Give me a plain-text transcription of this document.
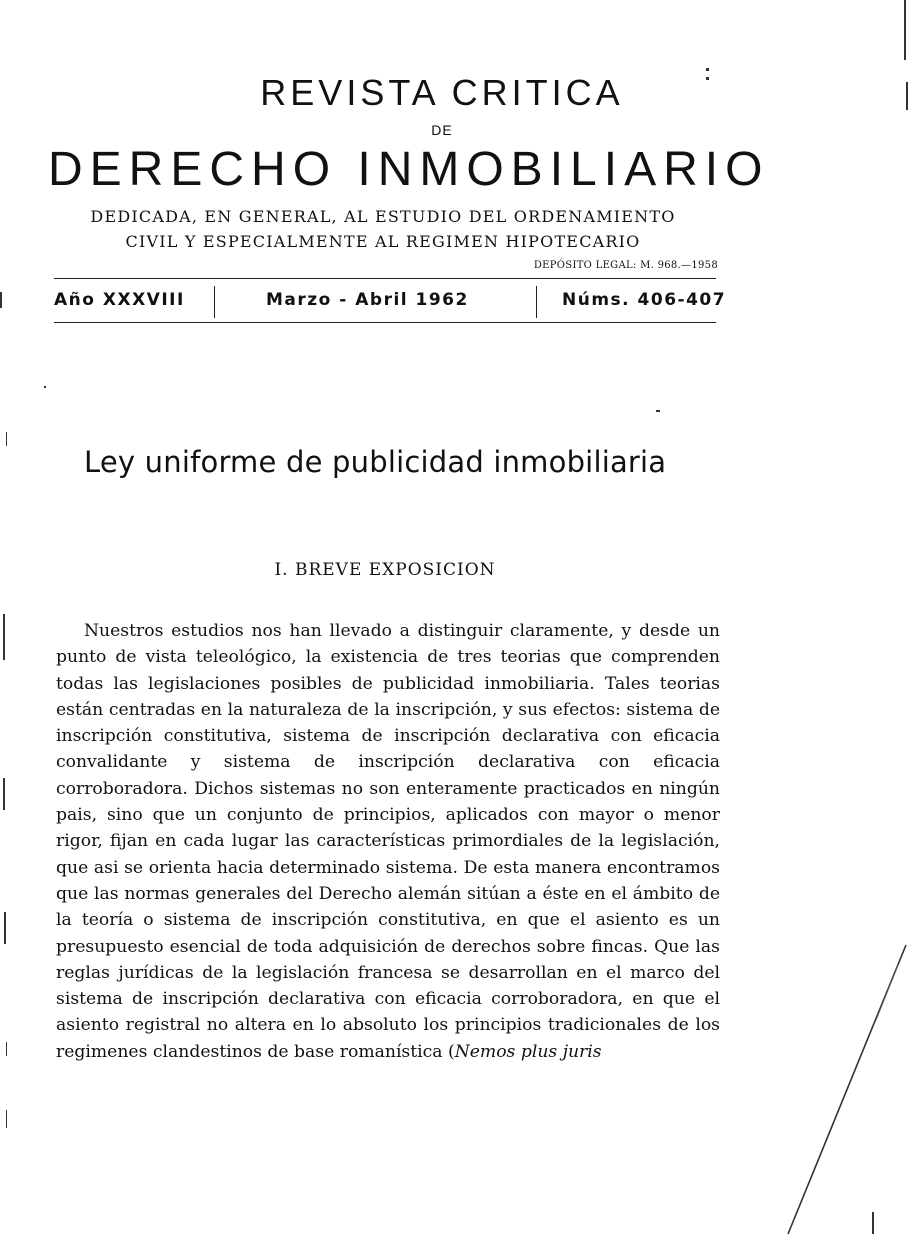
REVISTA CRITICA
DE
DERECHO INMOBILIARIO
DEDICADA, EN GENERAL, AL ESTUDIO DEL ORDENAMIENTO
CIVIL Y ESPECIALMENTE AL REGIMEN HIPOTECARIO
DEPÓSITO LEGAL: M. 968.—1958
Año XXXVIII	Marzo - Abril 1962	Núms. 406-407
Ley uniforme de publicidad inmobiliaria
I. BREVE EXPOSICION

Nuestros estudios nos han llevado a distinguir claramente, y desde un punto de vista teleológico, la existencia de tres teorias que comprenden todas las legislaciones posibles de publicidad inmobiliaria. Tales teorias están centradas en la naturaleza de la inscripción, y sus efectos: sistema de inscripción constitutiva, sistema de inscripción declarativa con eficacia convalidante y sistema de inscripción declarativa con eficacia corroboradora. Dichos sistemas no son enteramente practicados en ningún pais, sino que un conjunto de principios, aplicados con mayor o menor rigor, fijan en cada lugar las características primordiales de la legislación, que asi se orienta hacia determinado sistema. De esta manera encontramos que las normas generales del Derecho alemán sitúan a éste en el ámbito de la teoría o sistema de inscripción constitutiva, en que el asiento es un presupuesto esencial de toda adquisición de derechos sobre fincas. Que las reglas jurídicas de la legislación francesa se desarrollan en el marco del sistema de inscripción declarativa con eficacia corroboradora, en que el asiento registral no altera en lo absoluto los principios tradicionales de los regimenes clandestinos de base romanística (Nemos plus juris
